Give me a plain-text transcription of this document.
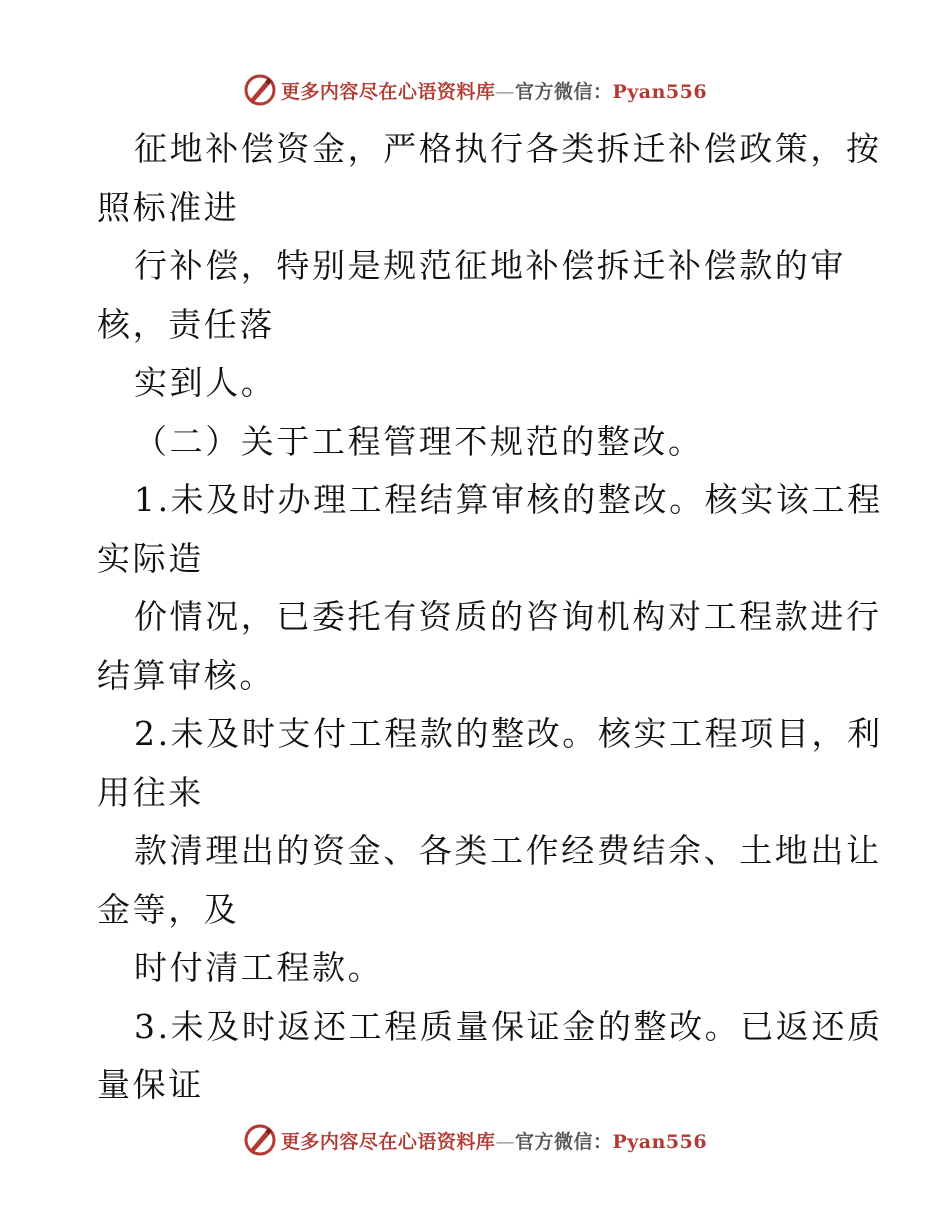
更多内容尽在心语资料库—官方微信：Pyan556

征地补偿资金，严格执行各类拆迁补偿政策，按

照标准进

行补偿，特别是规范征地补偿拆迁补偿款的审

核，责任落

实到人。

（二）关于工程管理不规范的整改。

1.未及时办理工程结算审核的整改。核实该工程

实际造

价情况，已委托有资质的咨询机构对工程款进行

结算审核。

2.未及时支付工程款的整改。核实工程项目，利

用往来

款清理出的资金、各类工作经费结余、土地出让

金等，及

时付清工程款。

3.未及时返还工程质量保证金的整改。已返还质

量保证

更多内容尽在心语资料库—官方微信：Pyan556
